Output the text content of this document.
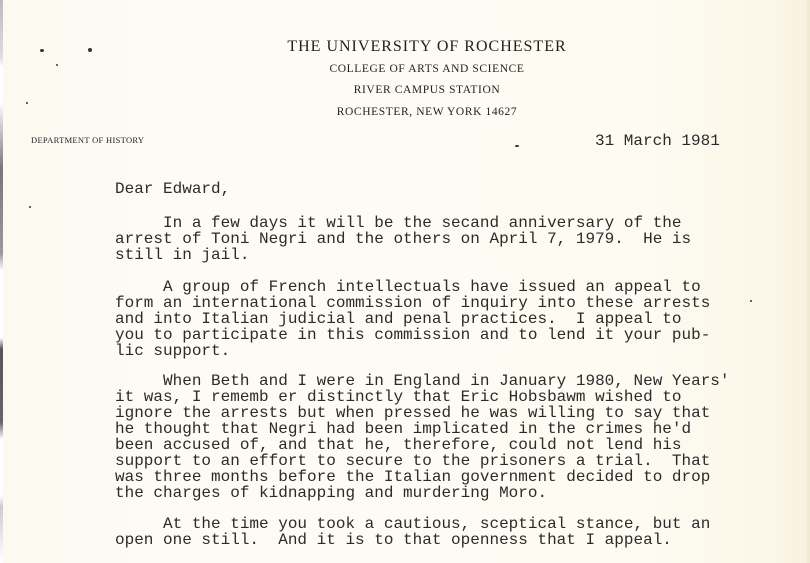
THE UNIVERSITY OF ROCHESTER
COLLEGE OF ARTS AND SCIENCE
RIVER CAMPUS STATION
ROCHESTER, NEW YORK 14627
DEPARTMENT OF HISTORY	31 March 1981
Dear Edward,
In a few days it will be the secand anniversary of the
arrest of Toni Negri and the others on April 7, 1979.  He is
still in jail.
A group of French intellectuals have issued an appeal to
form an international commission of inquiry into these arrests
and into Italian judicial and penal practices.  I appeal to
you to participate in this commission and to lend it your pub-
lic support.
When Beth and I were in England in January 1980, New Years'
it was, I rememb er distinctly that Eric Hobsbawm wished to
ignore the arrests but when pressed he was willing to say that
he thought that Negri had been implicated in the crimes he'd
been accused of, and that he, therefore, could not lend his
support to an effort to secure to the prisoners a trial.  That
was three months before the Italian government decided to drop
the charges of kidnapping and murdering Moro.
At the time you took a cautious, sceptical stance, but an
open one still.  And it is to that openness that I appeal.
